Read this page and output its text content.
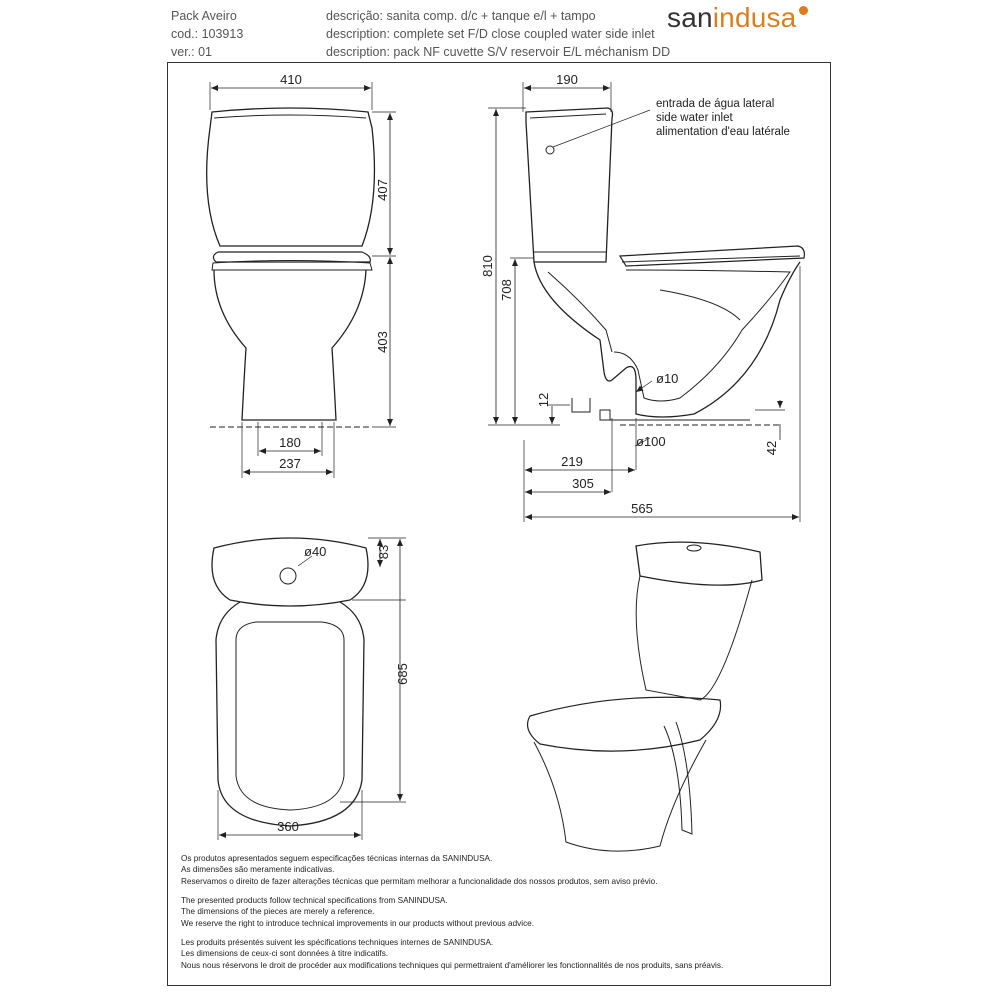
Pack Aveiro
cod.: 103913
ver.: 01
descrição: sanita comp. d/c + tanque e/l + tampo
description: complete set F/D close coupled water side inlet
description: pack NF cuvette S/V reservoir E/L méchanism DD
sanindusa
410
407
403
180
237
190
810
708
12
ø10
ø100	42
219
305
565
ø40	83
685
360
entrada de água lateral
side water inlet
alimentation d'eau latérale
Os produtos apresentados seguem especificações técnicas internas da SANINDUSA.
As dimensões são meramente indicativas.
Reservamos o direito de fazer alterações técnicas que permitam melhorar a funcionalidade dos nossos produtos, sem aviso prévio.
The presented products follow technical specifications from SANINDUSA.
The dimensions of the pieces are merely a reference.
We reserve the right to introduce technical improvements in our products without previous advice.
Les produits présentés suivent les spécifications techniques internes de SANINDUSA.
Les dimensions de ceux-ci sont données à titre indicatifs.
Nous nous réservons le droit de procéder aux modifications techniques qui permettraient d'améliorer les fonctionnalités de nos produits, sans préavis.
